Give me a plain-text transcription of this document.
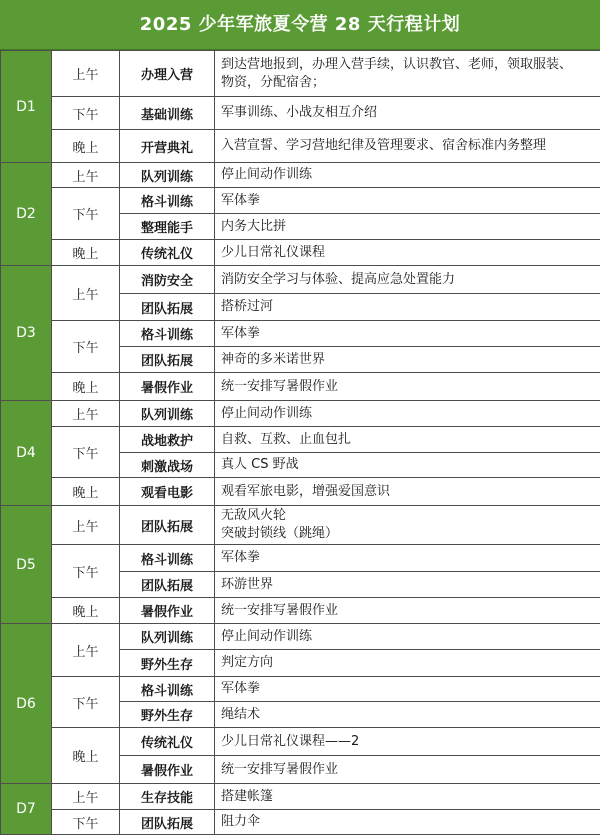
2025 少年军旅夏令营 28 天行程计划
D1	上午	办理入营	到达营地报到，办理入营手续，认识教官、老师，领取服装、
物资，分配宿舍；

	下午	基础训练	军事训练、小战友相互介绍

	晚上	开营典礼	入营宣誓、学习营地纪律及管理要求、宿舍标准内务整理

D2	上午	队列训练	停止间动作训练

	下午	格斗训练	军体拳

		整理能手	内务大比拼

	晚上	传统礼仪	少儿日常礼仪课程

D3	上午	消防安全	消防安全学习与体验、提高应急处置能力

		团队拓展	搭桥过河

	下午	格斗训练	军体拳

		团队拓展	神奇的多米诺世界

	晚上	暑假作业	统一安排写暑假作业

D4	上午	队列训练	停止间动作训练

	下午	战地救护	自救、互救、止血包扎

		刺激战场	真人 CS 野战

	晚上	观看电影	观看军旅电影，增强爱国意识

D5	上午	团队拓展	无敌风火轮
突破封锁线（跳绳）

	下午	格斗训练	军体拳

		团队拓展	环游世界

	晚上	暑假作业	统一安排写暑假作业

D6	上午	队列训练	停止间动作训练

		野外生存	判定方向

	下午	格斗训练	军体拳

		野外生存	绳结术

	晚上	传统礼仪	少儿日常礼仪课程——2

		暑假作业	统一安排写暑假作业

D7	上午	生存技能	搭建帐篷

	下午	团队拓展	阻力伞
